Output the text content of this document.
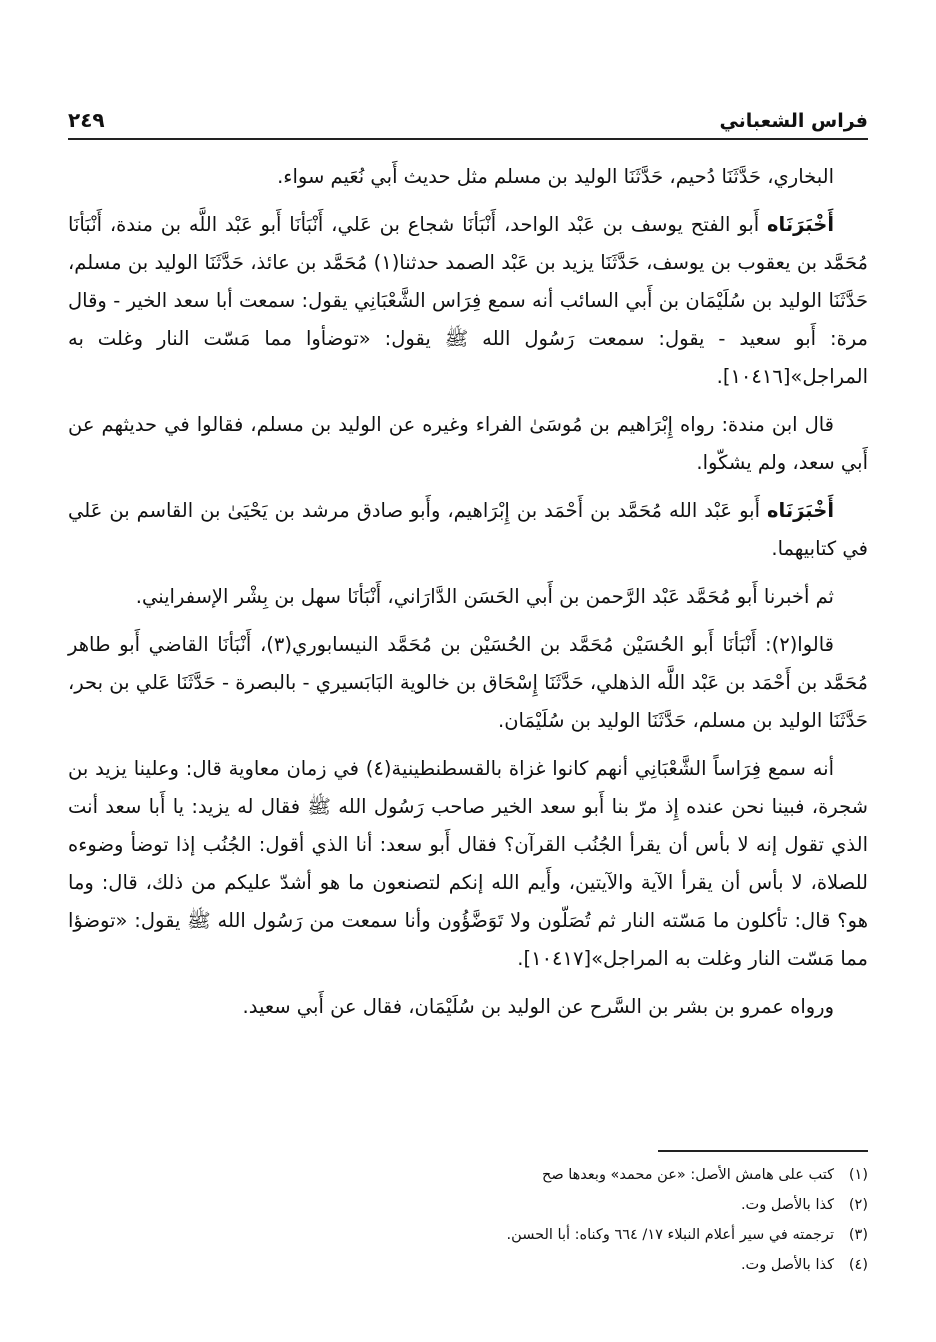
فراس الشعباني
٢٤٩

البخاري، حَدَّثَنَا دُحيم، حَدَّثَنَا الوليد بن مسلم مثل حديث أَبي نُعَيم سواء.

أَخْبَرَنَاه أَبو الفتح يوسف بن عَبْد الواحد، أَنْبَأنَا شجاع بن عَلي، أَنْبَأنَا أَبو عَبْد اللَّه بن مندة، أَنْبَأنَا مُحَمَّد بن يعقوب بن يوسف، حَدَّثَنَا يزيد بن عَبْد الصمد حدثنا(١) مُحَمَّد بن عائذ، حَدَّثَنَا الوليد بن مسلم، حَدَّثَنَا الوليد بن سُلَيْمَان بن أَبي السائب أنه سمع فِرَاس الشَّعْبَانِي يقول: سمعت أبا سعد الخير - وقال مرة: أَبو سعيد - يقول: سمعت رَسُول الله ﷺ يقول: «توضأوا مما مَسّت النار وغلت به المراجل»[١٠٤١٦].

قال ابن مندة: رواه إِبْرَاهيم بن مُوسَىٰ الفراء وغيره عن الوليد بن مسلم، فقالوا في حديثهم عن أَبي سعد، ولم يشكّوا.

أَخْبَرَنَاه أَبو عَبْد الله مُحَمَّد بن أَحْمَد بن إِبْرَاهيم، وأَبو صادق مرشد بن يَحْيَىٰ بن القاسم بن عَلي في كتابيهما.

ثم أخبرنا أَبو مُحَمَّد عَبْد الرَّحمن بن أَبي الحَسَن الدَّارَاني، أَنْبَأنَا سهل بن بِشْر الإسفرايني.

قالوا(٢): أَنْبَأنَا أَبو الحُسَيْن مُحَمَّد بن الحُسَيْن بن مُحَمَّد النيسابوري(٣)، أَنْبَأنَا القاضي أَبو طاهر مُحَمَّد بن أَحْمَد بن عَبْد اللَّه الذهلي، حَدَّثَنَا إِسْحَاق بن خالوية البَابَسيري - بالبصرة - حَدَّثَنَا عَلي بن بحر، حَدَّثَنَا الوليد بن مسلم، حَدَّثَنَا الوليد بن سُلَيْمَان.

أنه سمع فِرَاساً الشَّعْبَانِي أنهم كانوا غزاة بالقسطنطينية(٤) في زمان معاوية قال: وعلينا يزيد بن شجرة، فبينا نحن عنده إِذ مرّ بنا أَبو سعد الخير صاحب رَسُول الله ﷺ فقال له يزيد: يا أَبا سعد أنت الذي تقول إنه لا بأس أن يقرأ الجُنُب القرآن؟ فقال أَبو سعد: أنا الذي أقول: الجُنُب إذا توضأ وضوءه للصلاة، لا بأس أن يقرأ الآية والآيتين، وأَيم الله إنكم لتصنعون ما هو أشدّ عليكم من ذلك، قال: وما هو؟ قال: تأكلون ما مَسّته النار ثم تُصَلّون ولا تَوَضَّؤُون وأنا سمعت من رَسُول الله ﷺ يقول: «توضؤا مما مَسّت النار وغلت به المراجل»[١٠٤١٧].

ورواه عمرو بن بشر بن السَّرح عن الوليد بن سُلَيْمَان، فقال عن أَبي سعيد.

(١)
كتب على هامش الأصل: «عن محمد» وبعدها صح
(٢)
كذا بالأصل وت.
(٣)
ترجمته في سير أعلام النبلاء ١٧/ ٦٦٤ وكناه: أبا الحسن.
(٤)
كذا بالأصل وت.
